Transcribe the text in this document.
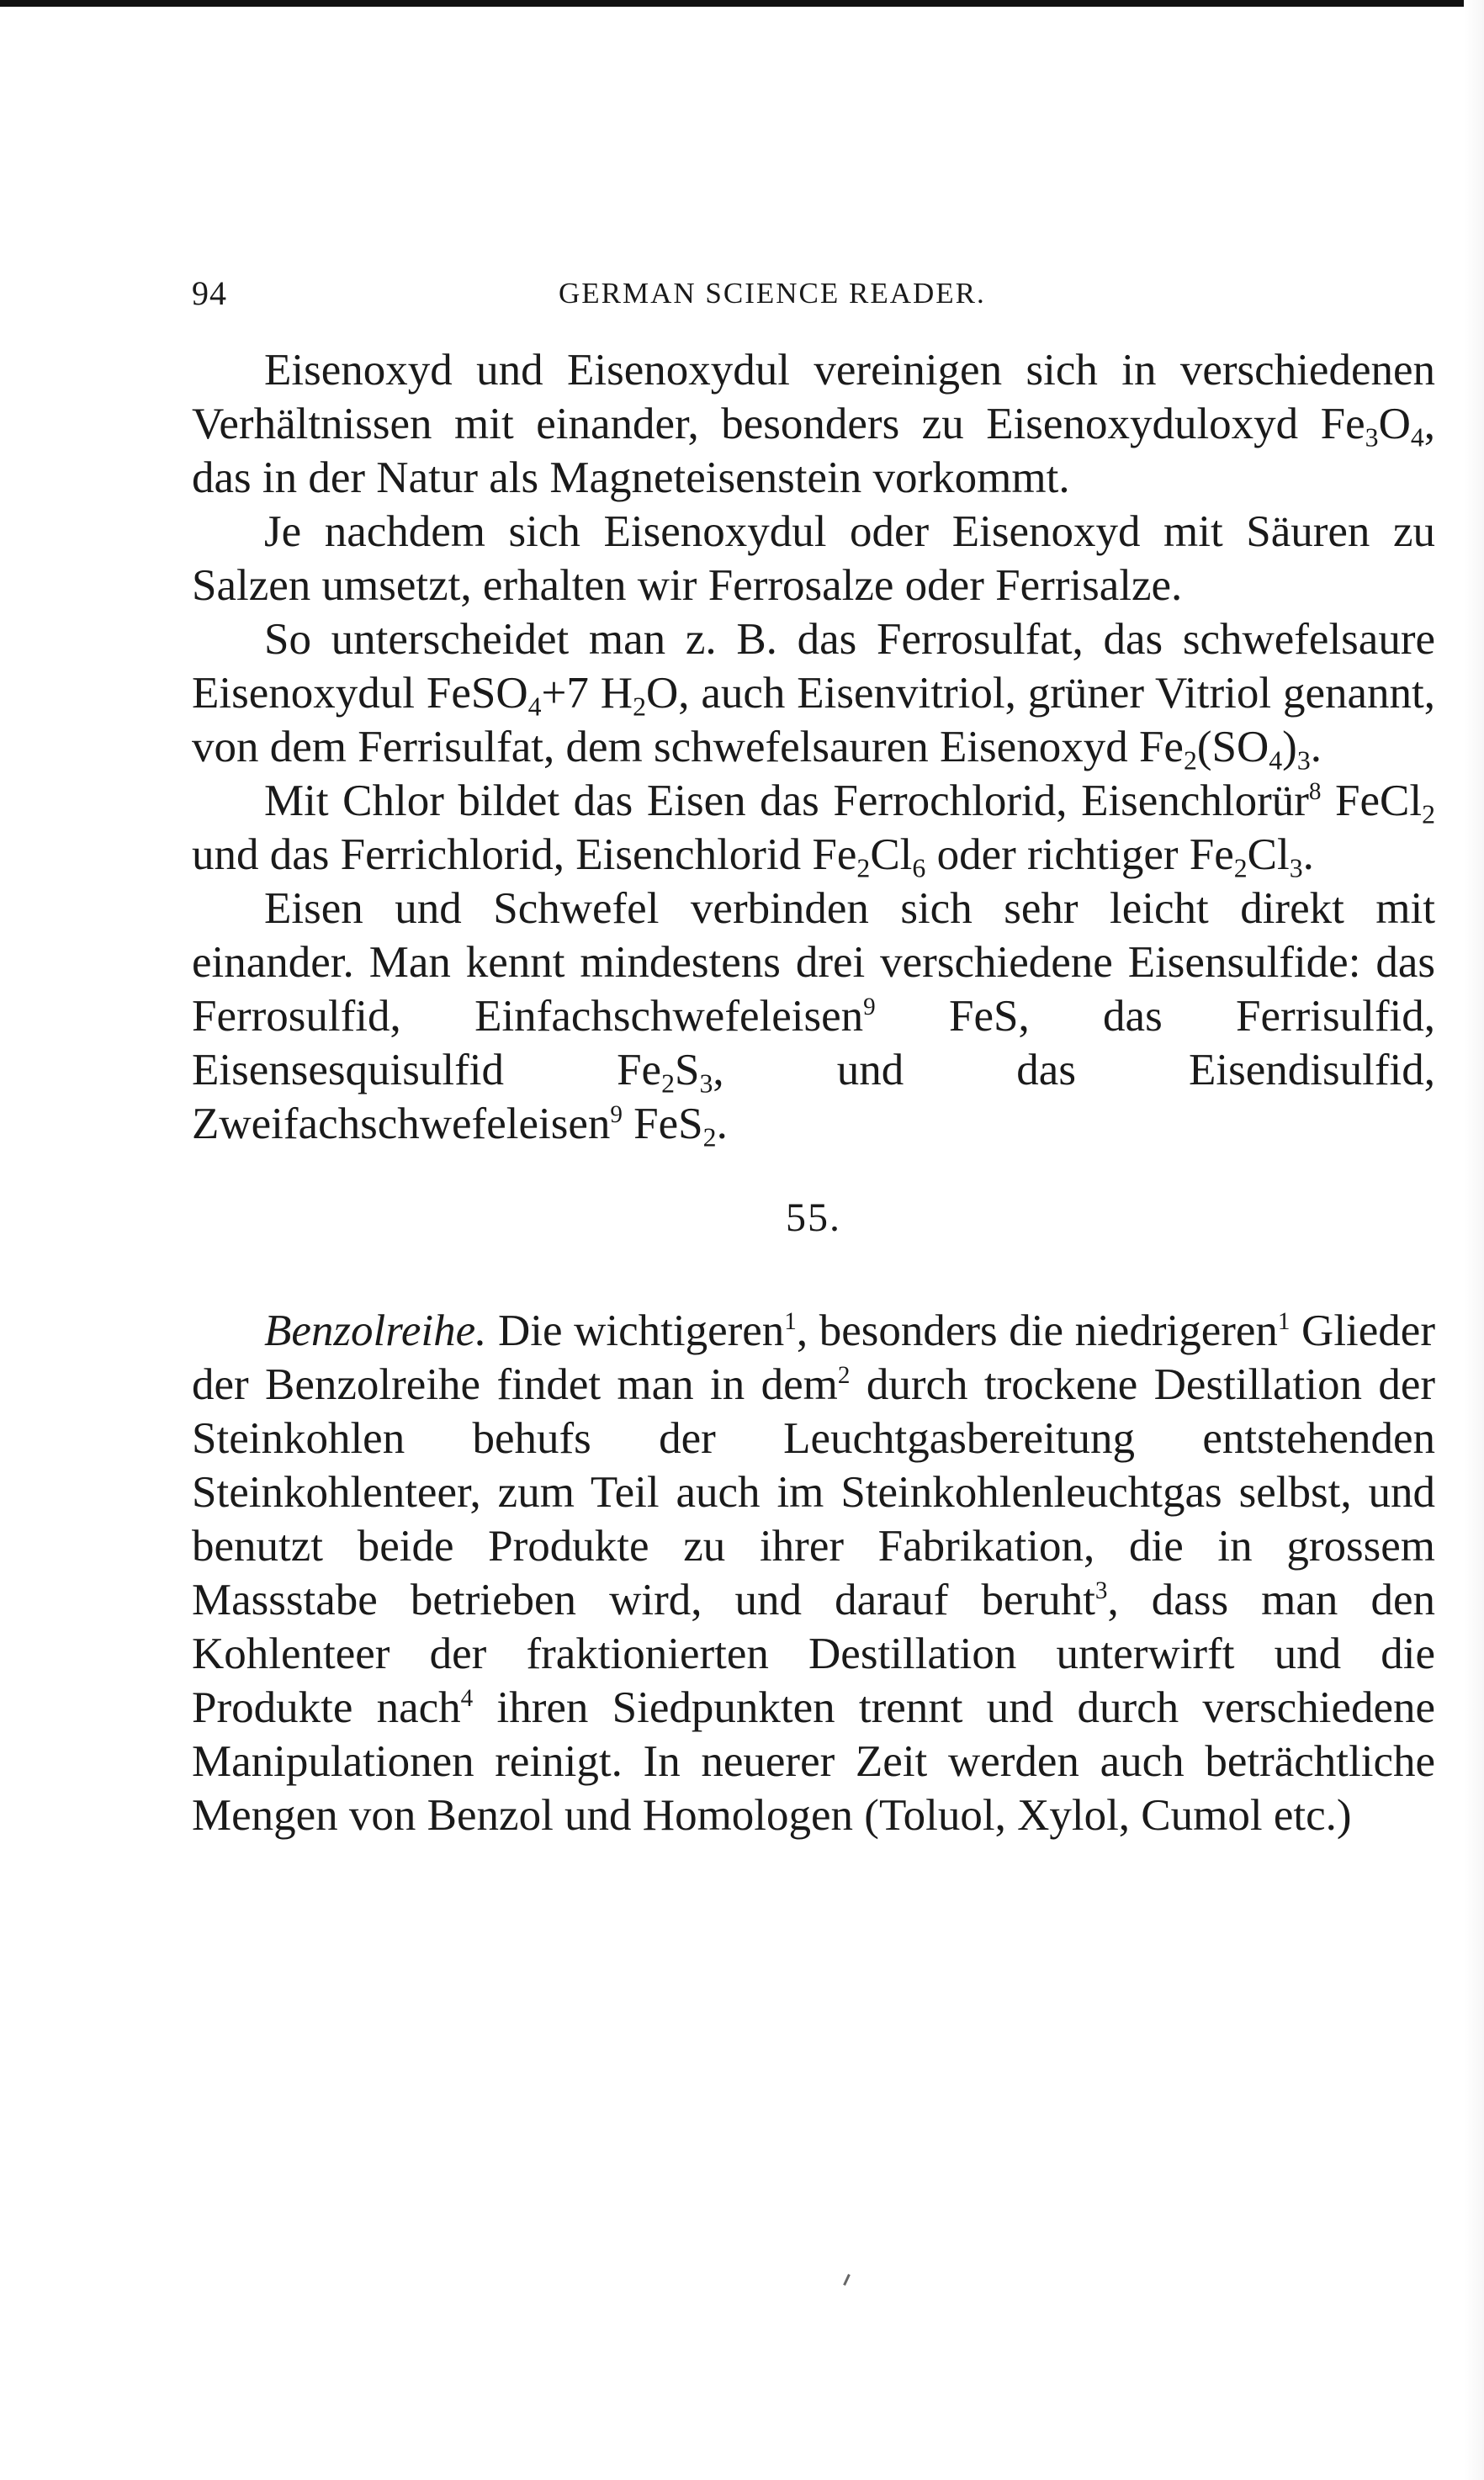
94	GERMAN SCIENCE READER.

Eisenoxyd und Eisenoxydul vereinigen sich in verschiedenen Verhältnissen mit einander, besonders zu Eisenoxyduloxyd $Fe_3O_4$, das in der Natur als Magneteisenstein vorkommt.

Je nachdem sich Eisenoxydul oder Eisenoxyd mit Säuren zu Salzen umsetzt, erhalten wir Ferrosalze oder Ferrisalze.

So unterscheidet man z. B. das Ferrosulfat, das schwefelsaure Eisenoxydul FeSO$_4$+7 $H_2O$, auch Eisenvitriol, grüner Vitriol genannt, von dem Ferrisulfat, dem schwefelsauren Eisenoxyd $Fe_2(SO_4)_3$.

Mit Chlor bildet das Eisen das Ferrochlorid, Eisenchlorür$^8$ FeCl$_2$ und das Ferrichlorid, Eisenchlorid $Fe_2Cl_6$ oder richtiger $Fe_2Cl_3$.

Eisen und Schwefel verbinden sich sehr leicht direkt mit einander. Man kennt mindestens drei verschiedene Eisensulfide: das Ferrosulfid, Einfachschwefeleisen$^9$ FeS, das Ferrisulfid, Eisensesquisulfid $Fe_2S_3$, und das Eisendisulfid, Zweifachschwefeleisen$^9$ FeS$_2$.

55.

Benzolreihe. Die wichtigeren$^1$, besonders die niedrigeren$^1$ Glieder der Benzolreihe findet man in dem$^2$ durch trockene Destillation der Steinkohlen behufs der Leuchtgasbereitung entstehenden Steinkohlenteer, zum Teil auch im Steinkohlenleuchtgas selbst, und benutzt beide Produkte zu ihrer Fabrikation, die in grossem Massstabe betrieben wird, und darauf beruht$^3$, dass man den Kohlenteer der fraktionierten Destillation unterwirft und die Produkte nach$^4$ ihren Siedpunkten trennt und durch verschiedene Manipulationen reinigt. In neuerer Zeit werden auch beträchtliche Mengen von Benzol und Homologen (Toluol, Xylol, Cumol etc.)
